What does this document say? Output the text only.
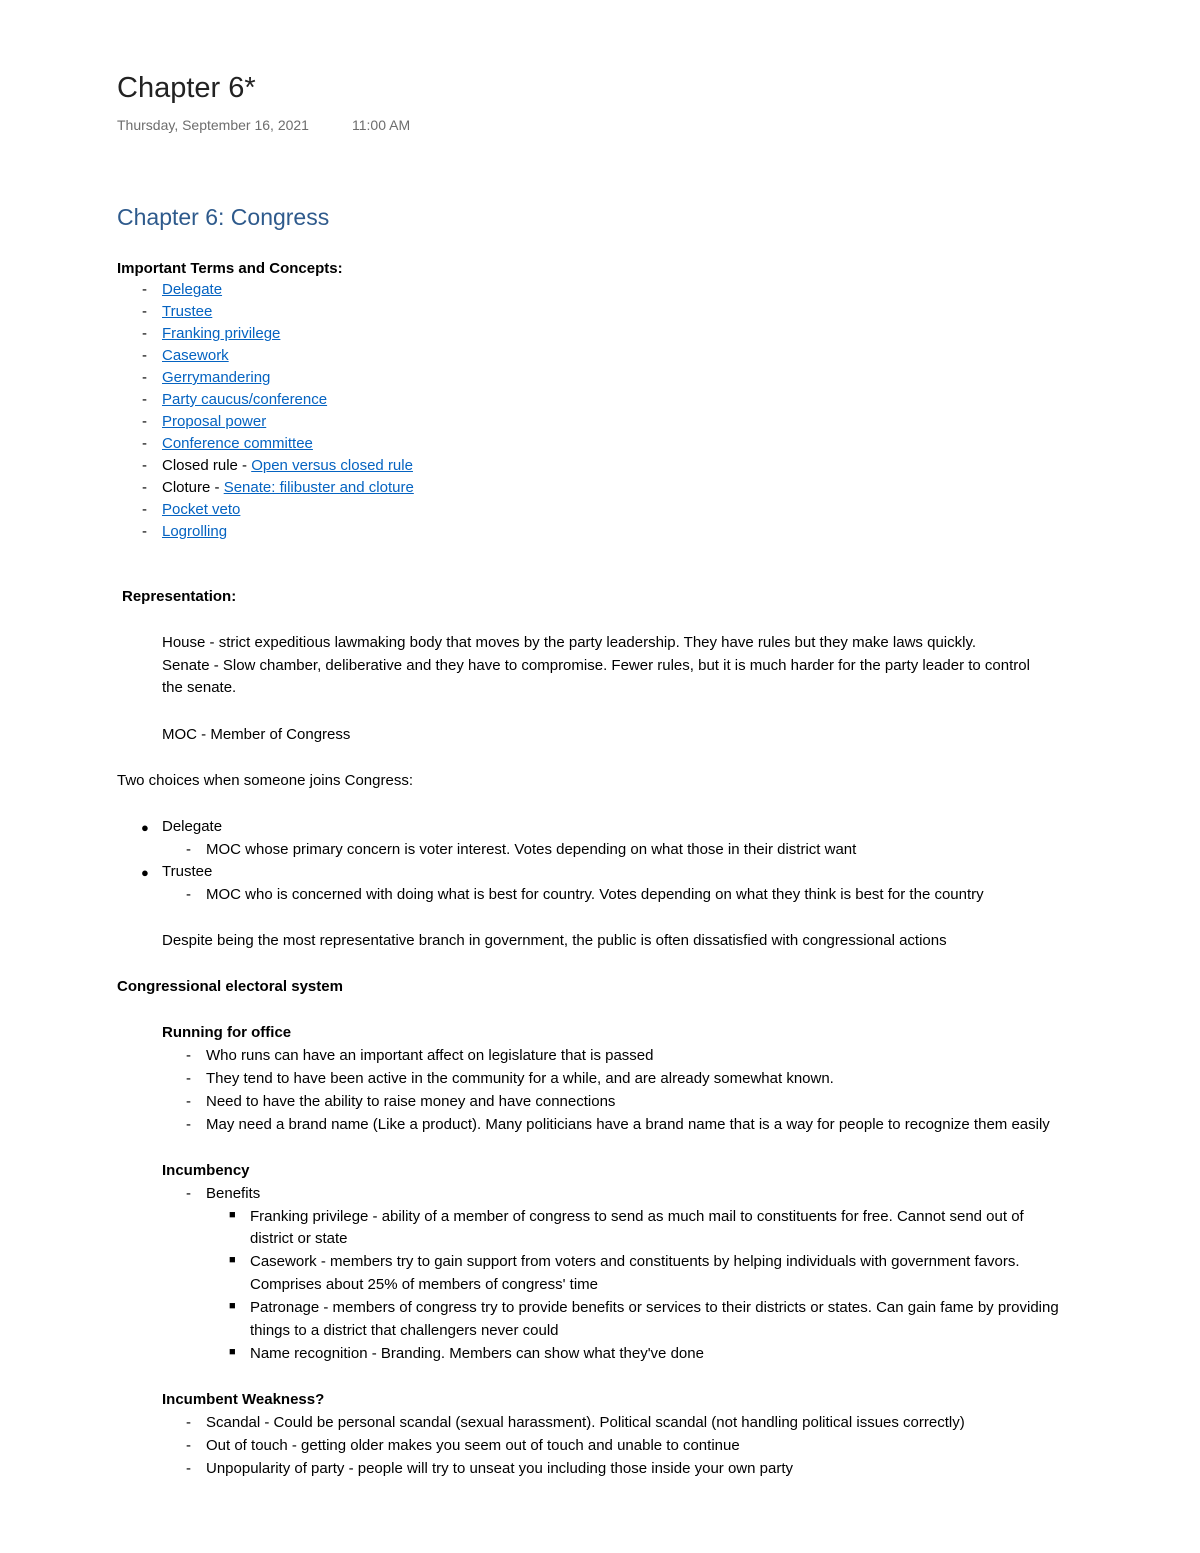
Chapter 6*
Thursday, September 16, 2021	11:00 AM
Chapter 6: Congress
Important Terms and Concepts:
- Delegate
- Trustee
- Franking privilege
- Casework
- Gerrymandering
- Party caucus/conference
- Proposal power
- Conference committee
- Closed rule - Open versus closed rule
- Cloture - Senate: filibuster and cloture
- Pocket veto
- Logrolling
Representation:
House - strict expeditious lawmaking body that moves by the party leadership. They have rules but they make laws quickly.
Senate - Slow chamber, deliberative and they have to compromise. Fewer rules, but it is much harder for the party leader to control
the senate.
MOC - Member of Congress
Two choices when someone joins Congress:
● Delegate
- MOC whose primary concern is voter interest. Votes depending on what those in their district want
● Trustee
- MOC who is concerned with doing what is best for country. Votes depending on what they think is best for the country
Despite being the most representative branch in government, the public is often dissatisfied with congressional actions
Congressional electoral system
Running for office
- Who runs can have an important affect on legislature that is passed
- They tend to have been active in the community for a while, and are already somewhat known.
- Need to have the ability to raise money and have connections
- May need a brand name (Like a product). Many politicians have a brand name that is a way for people to recognize them easily
Incumbency
- Benefits
■ Franking privilege - ability of a member of congress to send as much mail to constituents for free. Cannot send out of
district or state
■ Casework - members try to gain support from voters and constituents by helping individuals with government favors.
Comprises about 25% of members of congress' time
■ Patronage - members of congress try to provide benefits or services to their districts or states. Can gain fame by providing
things to a district that challengers never could
■ Name recognition - Branding. Members can show what they've done
Incumbent Weakness?
- Scandal - Could be personal scandal (sexual harassment). Political scandal (not handling political issues correctly)
- Out of touch - getting older makes you seem out of touch and unable to continue
- Unpopularity of party - people will try to unseat you including those inside your own party
